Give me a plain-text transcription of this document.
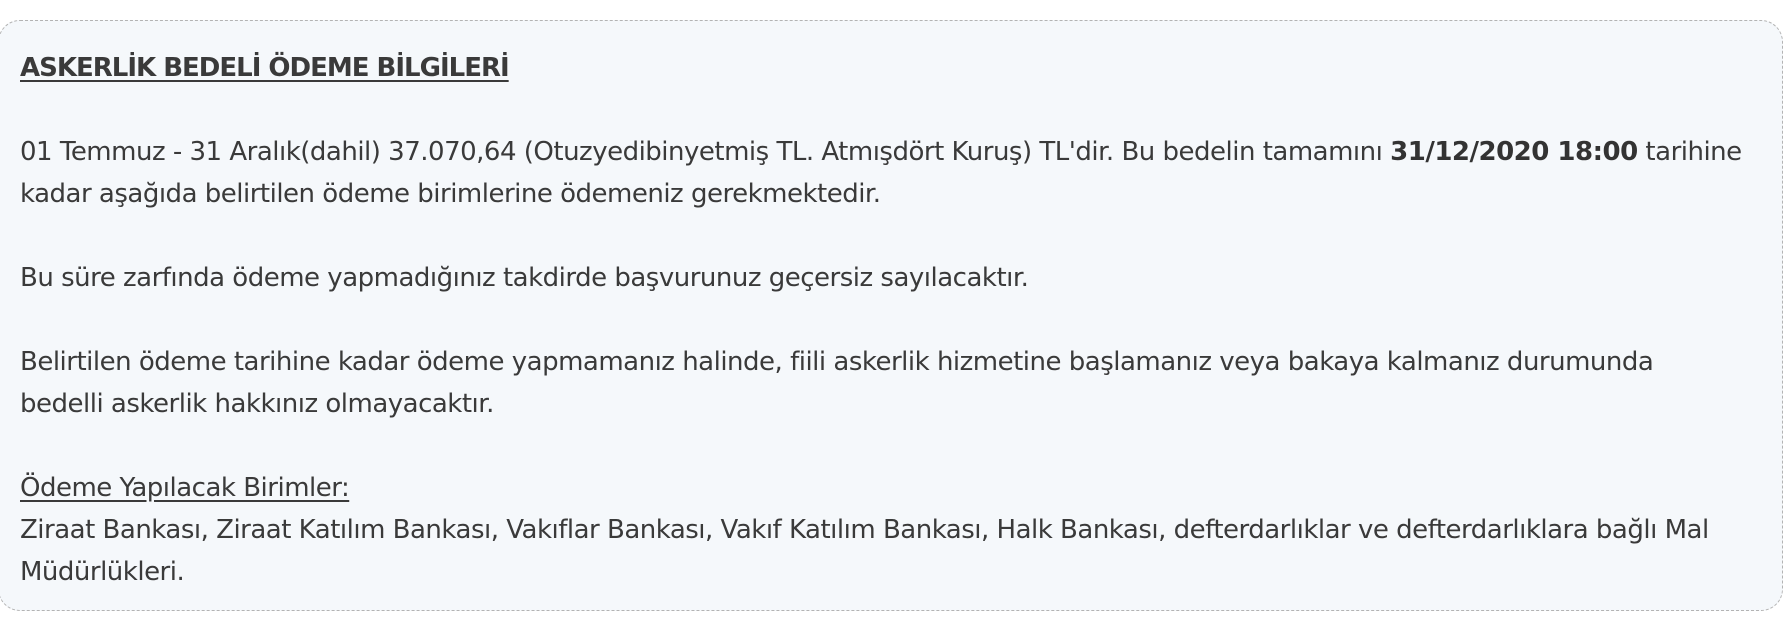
ASKERLİK BEDELİ ÖDEME BİLGİLERİ

01 Temmuz - 31 Aralık(dahil) 37.070,64 (Otuzyedibinyetmiş TL. Atmışdört Kuruş) TL'dir. Bu bedelin tamamını 31/12/2020 18:00 tarihine kadar aşağıda belirtilen ödeme birimlerine ödemeniz gerekmektedir.

Bu süre zarfında ödeme yapmadığınız takdirde başvurunuz geçersiz sayılacaktır.

Belirtilen ödeme tarihine kadar ödeme yapmamanız halinde, fiili askerlik hizmetine başlamanız veya bakaya kalmanız durumunda bedelli askerlik hakkınız olmayacaktır.

Ödeme Yapılacak Birimler:
Ziraat Bankası, Ziraat Katılım Bankası, Vakıflar Bankası, Vakıf Katılım Bankası, Halk Bankası, defterdarlıklar ve defterdarlıklara bağlı Mal Müdürlükleri.
